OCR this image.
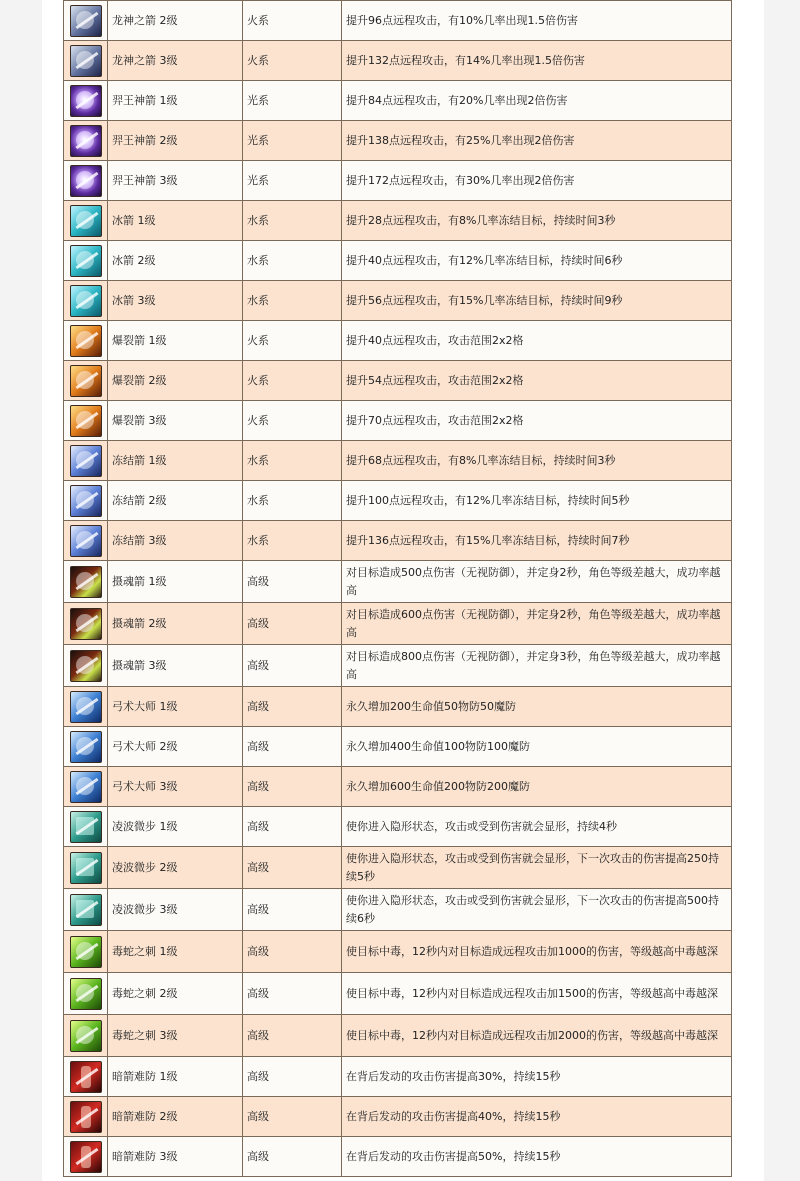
	龙神之箭 2级	火系	提升96点远程攻击，有10%几率出现1.5倍伤害
	龙神之箭 3级	火系	提升132点远程攻击，有14%几率出现1.5倍伤害
	羿王神箭 1级	光系	提升84点远程攻击，有20%几率出现2倍伤害
	羿王神箭 2级	光系	提升138点远程攻击，有25%几率出现2倍伤害
	羿王神箭 3级	光系	提升172点远程攻击，有30%几率出现2倍伤害
	冰箭 1级	水系	提升28点远程攻击，有8%几率冻结目标，持续时间3秒
	冰箭 2级	水系	提升40点远程攻击，有12%几率冻结目标，持续时间6秒
	冰箭 3级	水系	提升56点远程攻击，有15%几率冻结目标，持续时间9秒
	爆裂箭 1级	火系	提升40点远程攻击，攻击范围2x2格
	爆裂箭 2级	火系	提升54点远程攻击，攻击范围2x2格
	爆裂箭 3级	火系	提升70点远程攻击，攻击范围2x2格
	冻结箭 1级	水系	提升68点远程攻击，有8%几率冻结目标，持续时间3秒
	冻结箭 2级	水系	提升100点远程攻击，有12%几率冻结目标，持续时间5秒
	冻结箭 3级	水系	提升136点远程攻击，有15%几率冻结目标，持续时间7秒
	摄魂箭 1级	高级	对目标造成500点伤害（无视防御），并定身2秒，角色等级差越大，成功率越高
	摄魂箭 2级	高级	对目标造成600点伤害（无视防御），并定身2秒，角色等级差越大，成功率越高
	摄魂箭 3级	高级	对目标造成800点伤害（无视防御），并定身3秒，角色等级差越大，成功率越高
	弓术大师 1级	高级	永久增加200生命值50物防50魔防
	弓术大师 2级	高级	永久增加400生命值100物防100魔防
	弓术大师 3级	高级	永久增加600生命值200物防200魔防
	凌波微步 1级	高级	使你进入隐形状态，攻击或受到伤害就会显形，持续4秒
	凌波微步 2级	高级	使你进入隐形状态，攻击或受到伤害就会显形，下一次攻击的伤害提高250持续5秒
	凌波微步 3级	高级	使你进入隐形状态，攻击或受到伤害就会显形，下一次攻击的伤害提高500持续6秒
	毒蛇之刺 1级	高级	使目标中毒，12秒内对目标造成远程攻击加1000的伤害，等级越高中毒越深
	毒蛇之刺 2级	高级	使目标中毒，12秒内对目标造成远程攻击加1500的伤害，等级越高中毒越深
	毒蛇之刺 3级	高级	使目标中毒，12秒内对目标造成远程攻击加2000的伤害，等级越高中毒越深
	暗箭难防 1级	高级	在背后发动的攻击伤害提高30%，持续15秒
	暗箭难防 2级	高级	在背后发动的攻击伤害提高40%，持续15秒
	暗箭难防 3级	高级	在背后发动的攻击伤害提高50%，持续15秒
